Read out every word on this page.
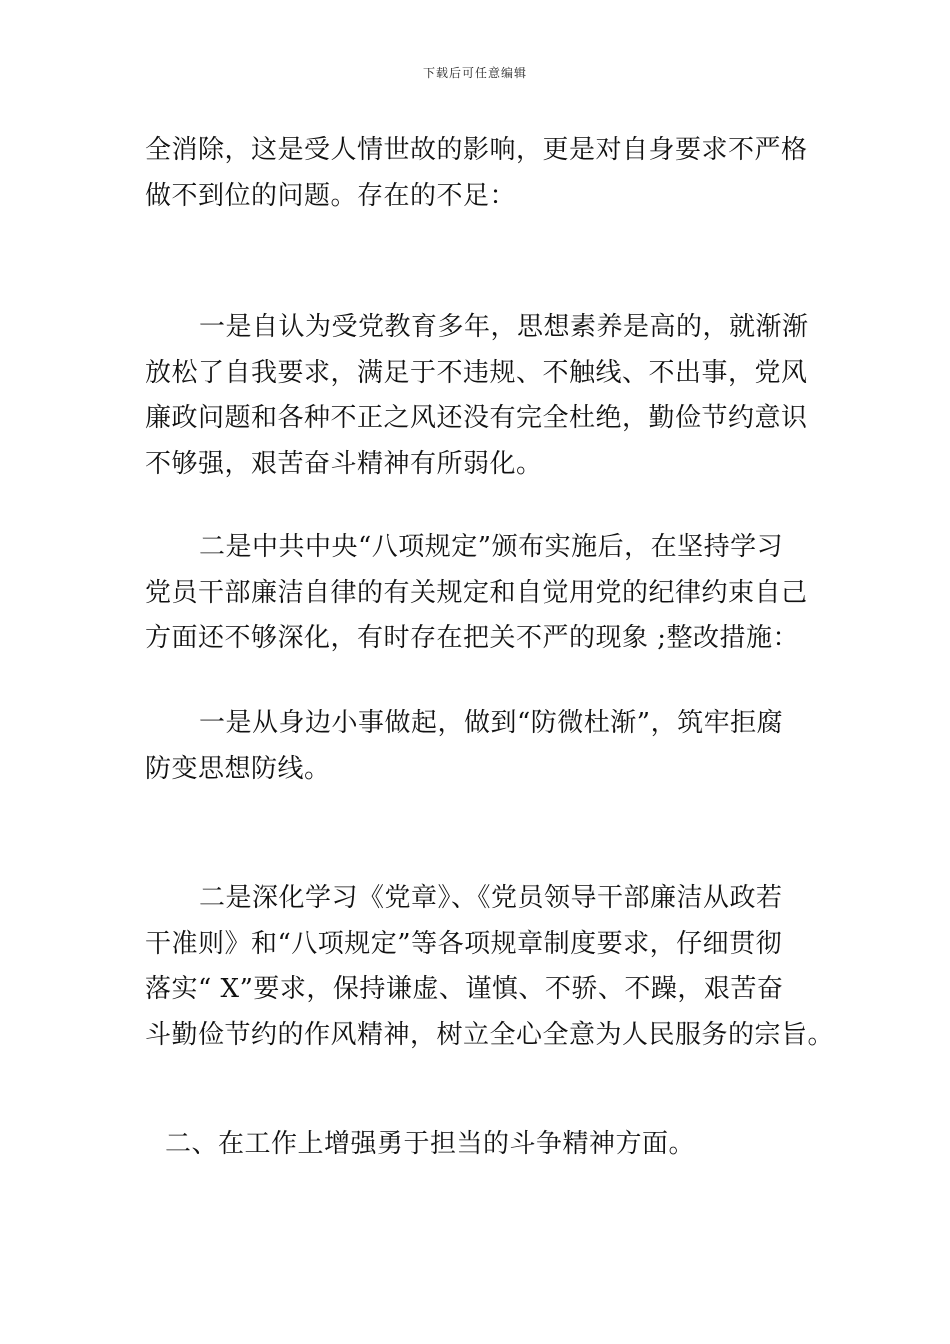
下载后可任意编辑

全消除，这是受人情世故的影响，更是对自身要求不严格
做不到位的问题。存在的不足：

一是自认为受党教育多年，思想素养是高的，就渐渐
放松了自我要求，满足于不违规、不触线、不出事，党风
廉政问题和各种不正之风还没有完全杜绝，勤俭节约意识
不够强，艰苦奋斗精神有所弱化。

二是中共中央“八项规定”颁布实施后，在坚持学习
党员干部廉洁自律的有关规定和自觉用党的纪律约束自己
方面还不够深化，有时存在把关不严的现象 ;整改措施：

一是从身边小事做起，做到“防微杜渐”，筑牢拒腐
防变思想防线。

二是深化学习《党章》、《党员领导干部廉洁从政若
干准则》和“八项规定”等各项规章制度要求，仔细贯彻
落实“ X”要求，保持谦虚、谨慎、不骄、不躁，艰苦奋
斗勤俭节约的作风精神，树立全心全意为人民服务的宗旨。

二、在工作上增强勇于担当的斗争精神方面。
